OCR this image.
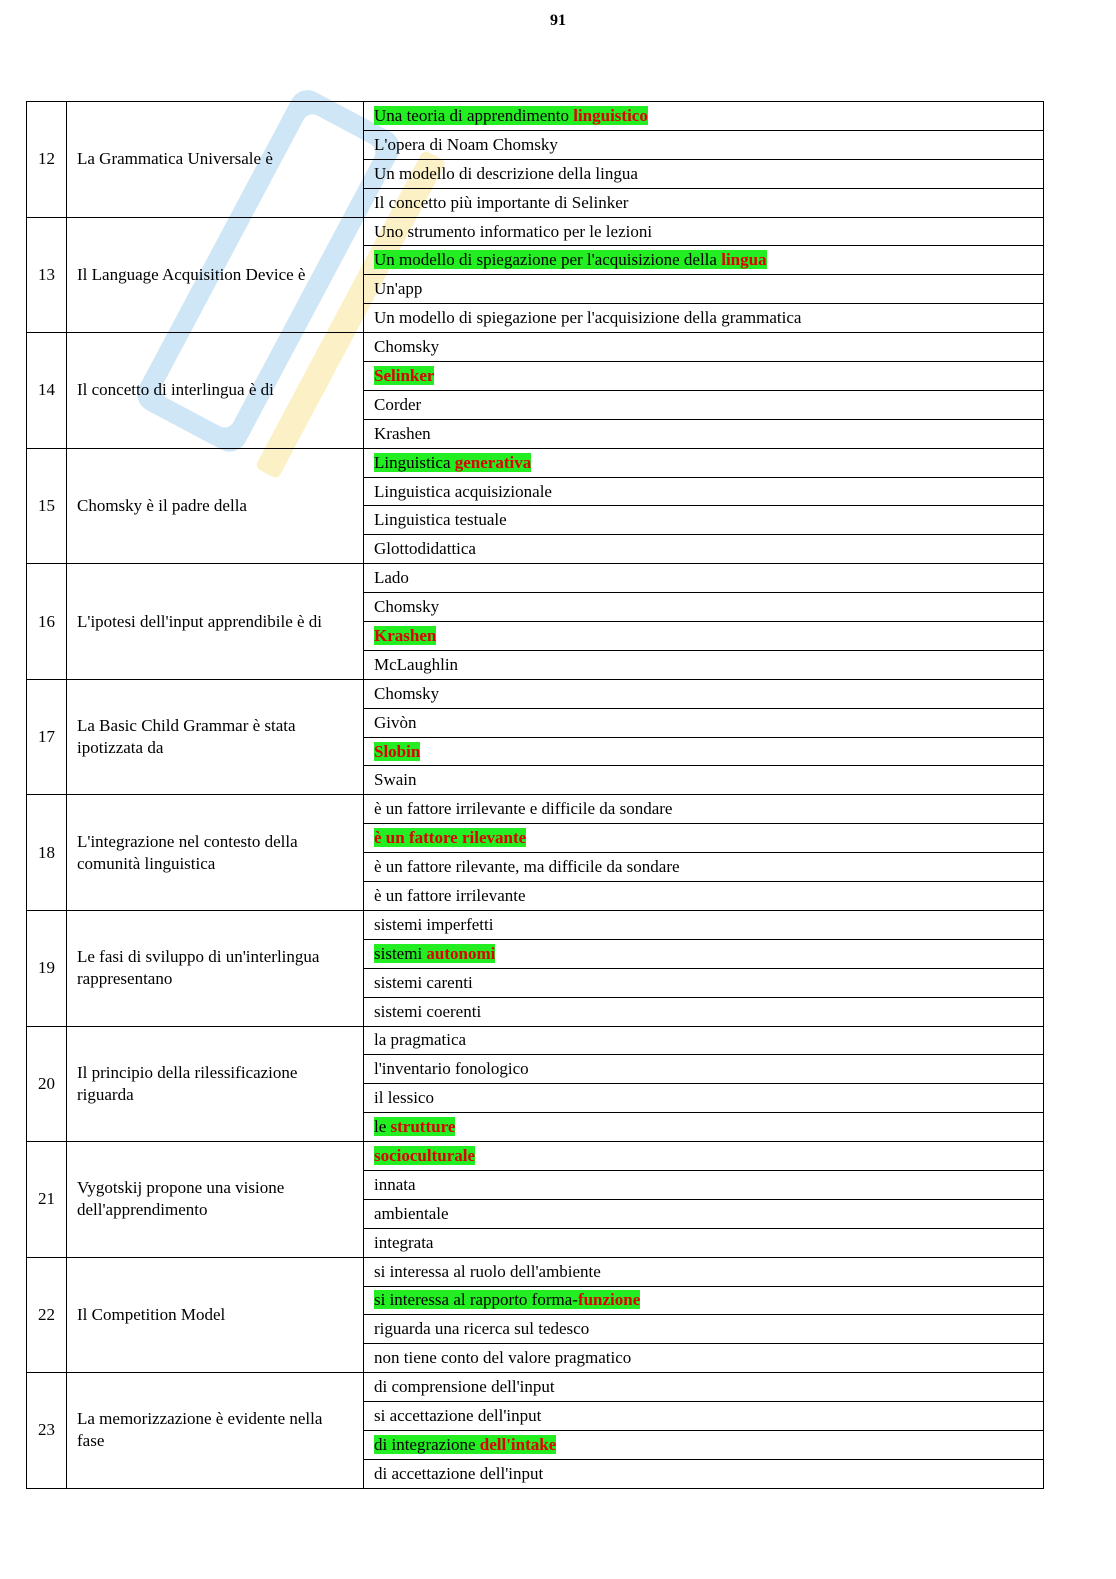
91
12	La Grammatica Universale è	Una teoria di apprendimento linguistico
		L'opera di Noam Chomsky
		Un modello di descrizione della lingua
		Il concetto più importante di Selinker
13	Il Language Acquisition Device è	Uno strumento informatico per le lezioni
		Un modello di spiegazione per l'acquisizione della lingua
		Un'app
		Un modello di spiegazione per l'acquisizione della grammatica
14	Il concetto di interlingua è di	Chomsky
		Selinker
		Corder
		Krashen
15	Chomsky è il padre della	Linguistica generativa
		Linguistica acquisizionale
		Linguistica testuale
		Glottodidattica
16	L'ipotesi dell'input apprendibile è di	Lado
		Chomsky
		Krashen
		McLaughlin
17	La Basic Child Grammar è stata ipotizzata da	Chomsky
		Givòn
		Slobin
		Swain
18	L'integrazione nel contesto della comunità linguistica	è un fattore irrilevante e difficile da sondare
		è un fattore rilevante
		è un fattore rilevante, ma difficile da sondare
		è un fattore irrilevante
19	Le fasi di sviluppo di un'interlingua rappresentano	sistemi imperfetti
		sistemi autonomi
		sistemi carenti
		sistemi coerenti
20	Il principio della rilessificazione riguarda	la pragmatica
		l'inventario fonologico
		il lessico
		le strutture
21	Vygotskij propone una visione dell'apprendimento	socioculturale
		innata
		ambientale
		integrata
22	Il Competition Model	si interessa al ruolo dell'ambiente
		si interessa al rapporto forma-funzione
		riguarda una ricerca sul tedesco
		non tiene conto del valore pragmatico
23	La memorizzazione è evidente nella fase	di comprensione dell'input
		si accettazione dell'input
		di integrazione dell'intake
		di accettazione dell'input
